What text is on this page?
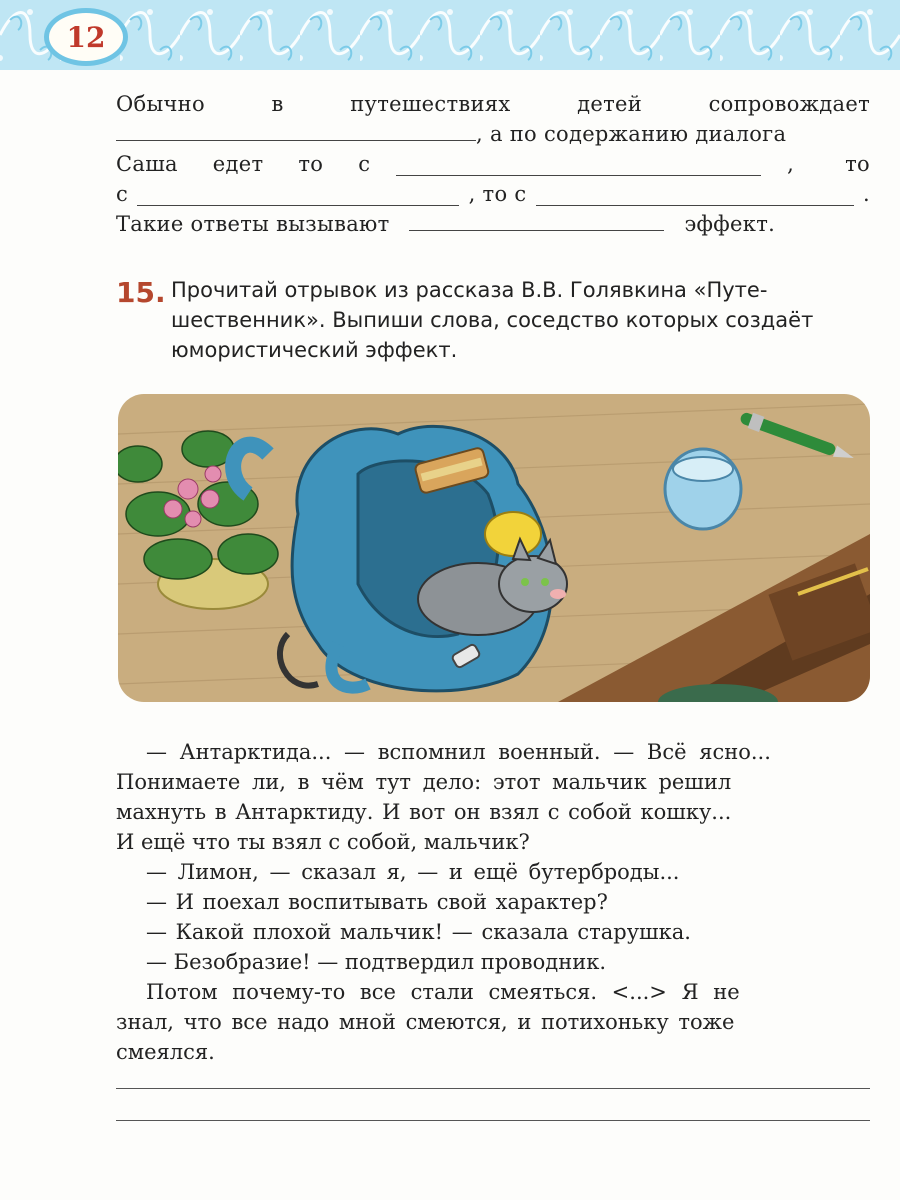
12
Обычно	в	путешествиях	детей	сопровождает
, а по содержанию диалога
Саша едет то с	, то
с	, то с	.
Такие ответы вызывают	эффект.
15. Прочитай отрывок из рассказа В.В. Голявкина «Путе-
шественник». Выпиши слова, соседство которых создаёт
юмористический эффект.
— Антарктида... — вспомнил военный. — Всё ясно...
Понимаете ли, в чём тут дело: этот мальчик решил
махнуть в Антарктиду. И вот он взял с собой кошку...
И ещё что ты взял с собой, мальчик?
— Лимон, — сказал я, — и ещё бутерброды...
— И поехал воспитывать свой характер?
— Какой плохой мальчик! — сказала старушка.
— Безобразие! — подтвердил проводник.
Потом почему-то все стали смеяться. <...> Я не
знал, что все надо мной смеются, и потихоньку тоже
смеялся.
